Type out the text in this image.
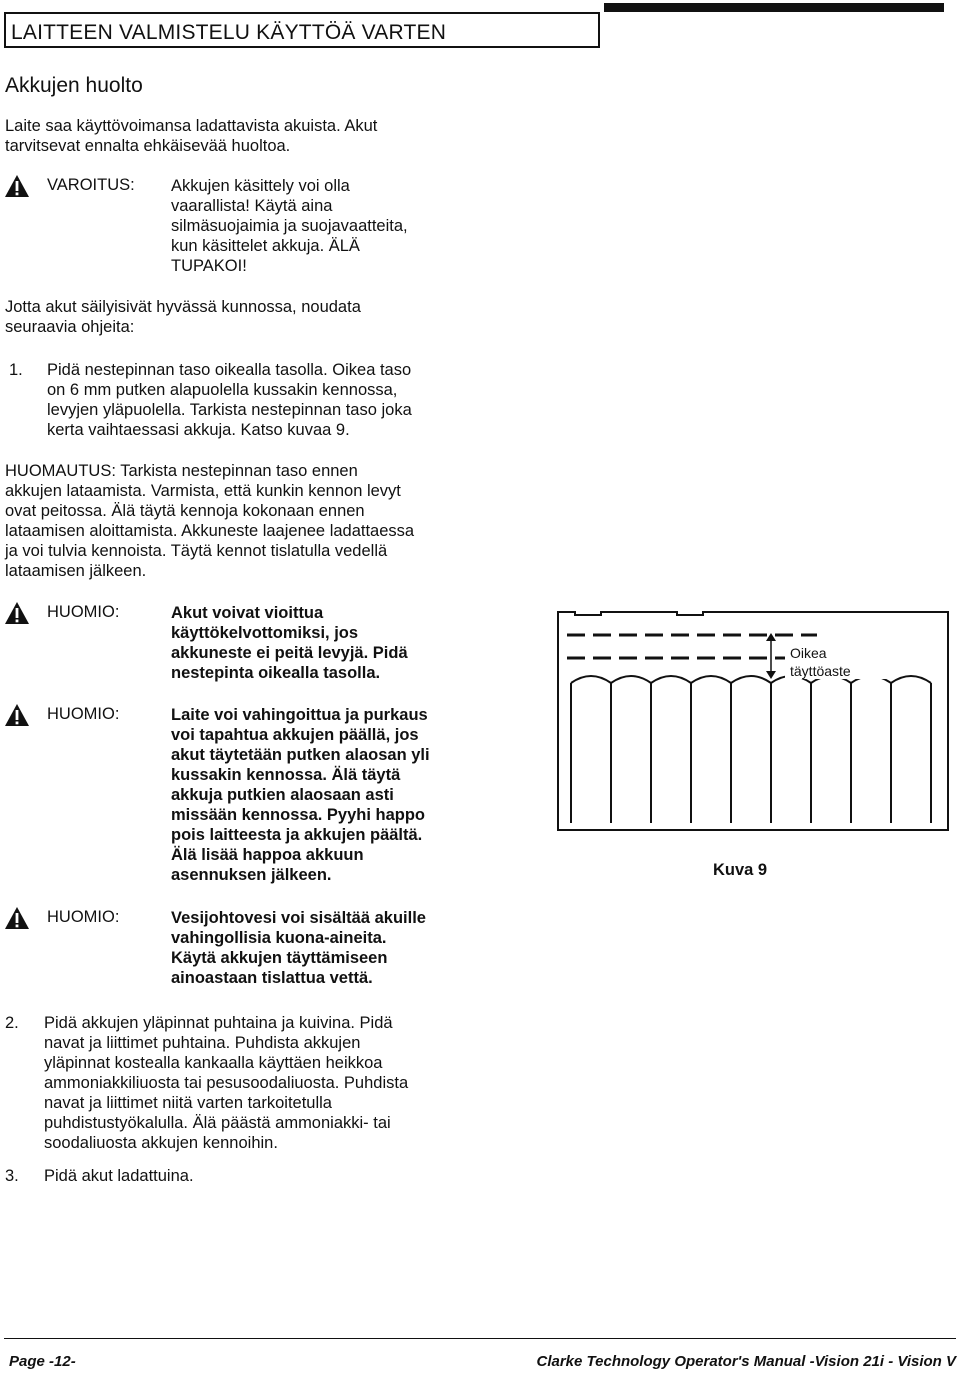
LAITTEEN VALMISTELU KÄYTTÖÄ VARTEN
Akkujen huolto
Laite saa käyttövoimansa ladattavista akuista. Akut
tarvitsevat ennalta ehkäisevää huoltoa.
VAROITUS: Akkujen käsittely voi olla
vaarallista! Käytä aina
silmäsuojaimia ja suojavaatteita,
kun käsittelet akkuja. ÄLÄ
TUPAKOI!
Jotta akut säilyisivät hyvässä kunnossa, noudata
seuraavia ohjeita:
1. Pidä nestepinnan taso oikealla tasolla. Oikea taso
on 6 mm putken alapuolella kussakin kennossa,
levyjen yläpuolella. Tarkista nestepinnan taso joka
kerta vaihtaessasi akkuja. Katso kuvaa 9.
HUOMAUTUS: Tarkista nestepinnan taso ennen
akkujen lataamista. Varmista, että kunkin kennon levyt
ovat peitossa. Älä täytä kennoja kokonaan ennen
lataamisen aloittamista. Akkuneste laajenee ladattaessa
ja voi tulvia kennoista. Täytä kennot tislatulla vedellä
lataamisen jälkeen.
HUOMIO:	Akut voivat vioittua
käyttökelvottomiksi, jos
akkuneste ei peitä levyjä. Pidä
nestepinta oikealla tasolla.
HUOMIO:	Laite voi vahingoittua ja purkaus
voi tapahtua akkujen päällä, jos
akut täytetään putken alaosan yli
kussakin kennossa. Älä täytä
akkuja putkien alaosaan asti
missään kennossa. Pyyhi happo
pois laitteesta ja akkujen päältä.
Älä lisää happoa akkuun
asennuksen jälkeen.
HUOMIO:	Vesijohtovesi voi sisältää akuille
vahingollisia kuona-aineita.
Käytä akkujen täyttämiseen
ainoastaan tislattua vettä.
Oikea
täyttöaste
Kuva 9
2. Pidä akkujen yläpinnat puhtaina ja kuivina. Pidä
navat ja liittimet puhtaina. Puhdista akkujen
yläpinnat kostealla kankaalla käyttäen heikkoa
ammoniakkiliuosta tai pesusoodaliuosta. Puhdista
navat ja liittimet niitä varten tarkoitetulla
puhdistustyökalulla. Älä päästä ammoniakki- tai
soodaliuosta akkujen kennoihin.
3. Pidä akut ladattuina.
Page -12-	Clarke Technology Operator's Manual -Vision 21i - Vision V
